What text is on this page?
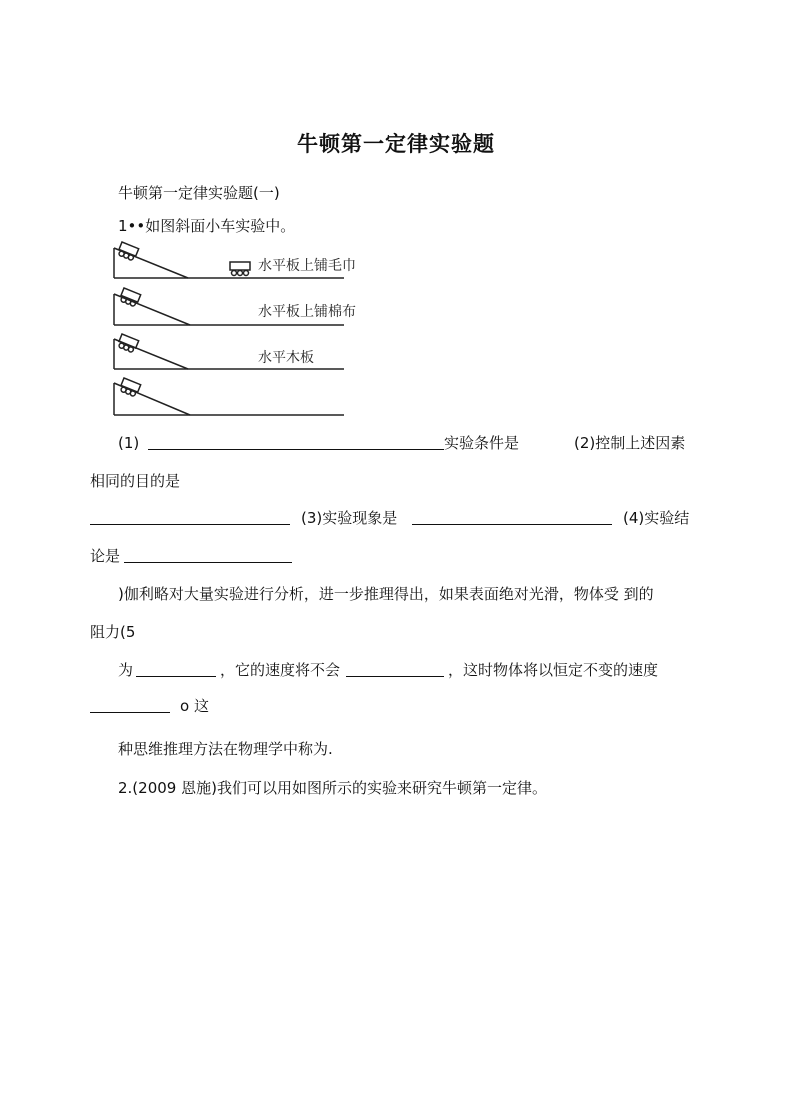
牛顿第一定律实验题
牛顿第一定律实验题(一)
1••如图斜面小车实验中。
水平板上铺毛巾
水平板上铺棉布
水平木板
(1)	实验条件是	(2)控制上述因素
相同的目的是
(3)实验现象是	(4)实验结
论是
)伽利略对大量实验进行分析，进一步推理得出，如果表面绝对光滑，物体受 到的
阻力(5
为	，它的速度将不会	，这时物体将以恒定不变的速度
o 这
种思维推理方法在物理学中称为.
2.(2009 恩施)我们可以用如图所示的实验来研究牛顿第一定律。
